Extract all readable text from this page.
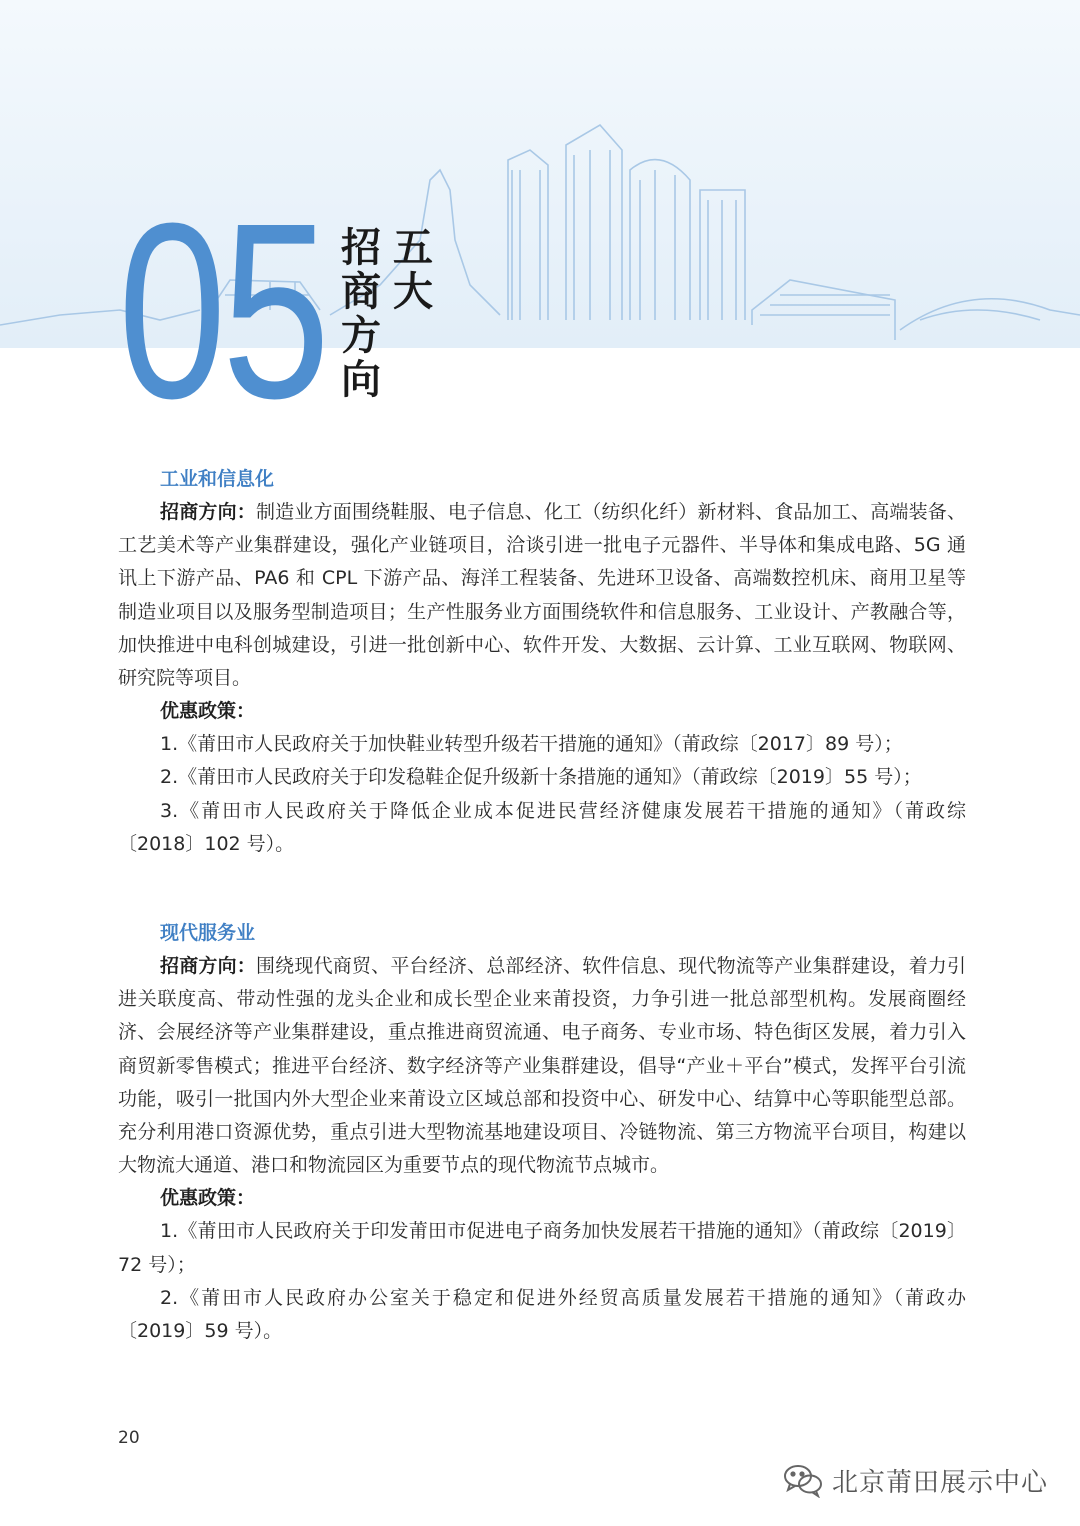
05 五大
招商方向
工业和信息化

招商方向：制造业方面围绕鞋服、电子信息、化工（纺织化纤）新材料、食品加工、高端装备、工艺美术等产业集群建设，强化产业链项目，洽谈引进一批电子元器件、半导体和集成电路、5G 通讯上下游产品、PA6 和 CPL 下游产品、海洋工程装备、先进环卫设备、高端数控机床、商用卫星等制造业项目以及服务型制造项目；生产性服务业方面围绕软件和信息服务、工业设计、产教融合等，加快推进中电科创城建设，引进一批创新中心、软件开发、大数据、云计算、工业互联网、物联网、研究院等项目。

优惠政策：

1.《莆田市人民政府关于加快鞋业转型升级若干措施的通知》（莆政综〔2017〕89 号）；

2.《莆田市人民政府关于印发稳鞋企促升级新十条措施的通知》（莆政综〔2019〕55 号）；

3.《莆田市人民政府关于降低企业成本促进民营经济健康发展若干措施的通知》（莆政综〔2018〕102 号）。

现代服务业

招商方向：围绕现代商贸、平台经济、总部经济、软件信息、现代物流等产业集群建设，着力引进关联度高、带动性强的龙头企业和成长型企业来莆投资，力争引进一批总部型机构。发展商圈经济、会展经济等产业集群建设，重点推进商贸流通、电子商务、专业市场、特色街区发展，着力引入商贸新零售模式；推进平台经济、数字经济等产业集群建设，倡导“产业＋平台”模式，发挥平台引流功能，吸引一批国内外大型企业来莆设立区域总部和投资中心、研发中心、结算中心等职能型总部。充分利用港口资源优势，重点引进大型物流基地建设项目、冷链物流、第三方物流平台项目，构建以大物流大通道、港口和物流园区为重要节点的现代物流节点城市。

优惠政策：

1.《莆田市人民政府关于印发莆田市促进电子商务加快发展若干措施的通知》（莆政综〔2019〕72 号）；

2.《莆田市人民政府办公室关于稳定和促进外经贸高质量发展若干措施的通知》（莆政办〔2019〕59 号）。

20
北京莆田展示中心
